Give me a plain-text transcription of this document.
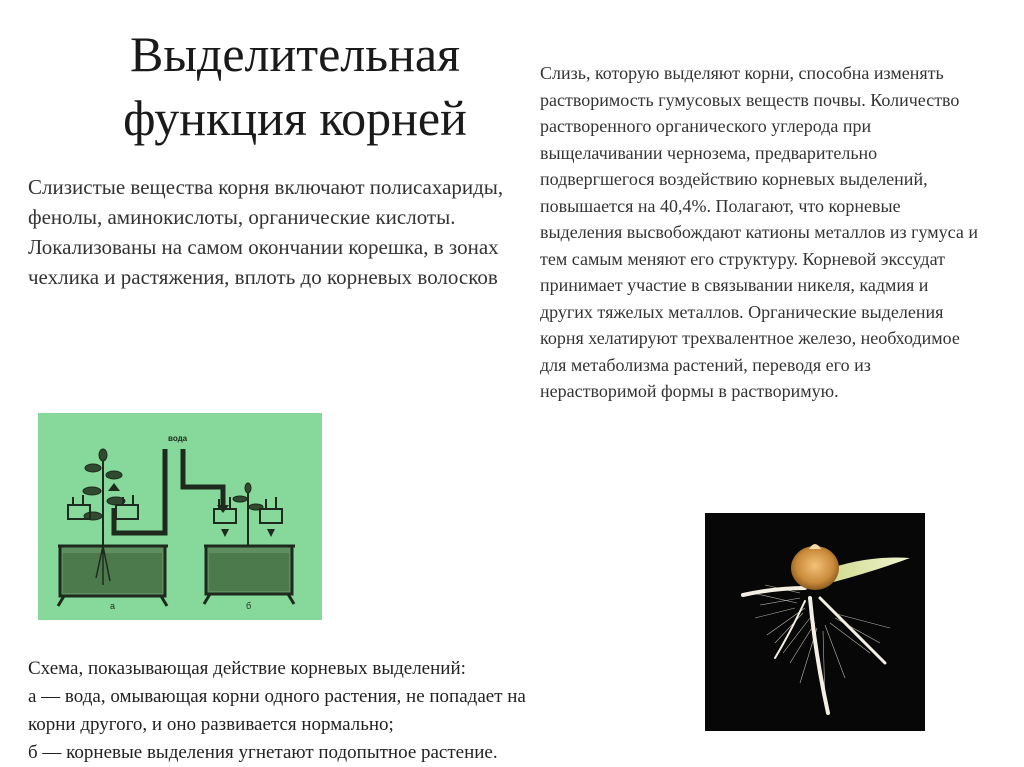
Выделительная
функция корней
Слизистые вещества корня включают полисахариды, фенолы, аминокислоты, органические кислоты. Локализованы на самом окончании корешка, в зонах чехлика и растяжения, вплоть до корневых волосков
Слизь, которую выделяют корни, способна изменять растворимость гумусовых веществ почвы. Количество растворенного органического углерода при выщелачивании чернозема, предварительно подвергшегося воздействию корневых выделений, повышается на 40,4%. Полагают, что корневые выделения высвобождают катионы металлов из гумуса и тем самым меняют его структуру. Корневой экссудат принимает участие в связывании никеля, кадмия и других тяжелых металлов. Органические выделения корня хелатируют трехвалентное железо, необходимое для метаболизма растений, переводя его из нерастворимой формы в растворимую.
вода
а	б
Схема, показывающая действие корневых выделений:
а — вода, омывающая корни одного растения, не попадает на
корни другого, и оно развивается нормально;
б — корневые выделения угнетают подопытное растение.
